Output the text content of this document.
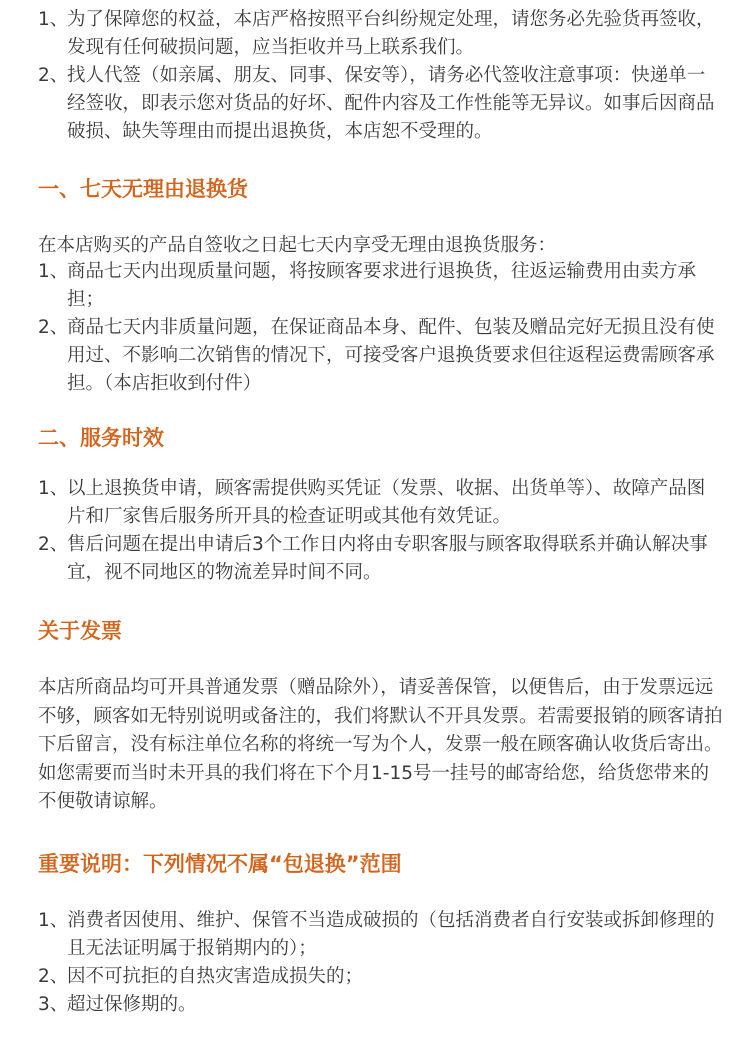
1、
为了保障您的权益，本店严格按照平台纠纷规定处理，请您务必先验货再签收，发现有任何破损问题，应当拒收并马上联系我们。
2、
找人代签（如亲属、朋友、同事、保安等），请务必代签收注意事项：快递单一经签收，即表示您对货品的好坏、配件内容及工作性能等无异议。如事后因商品破损、缺失等理由而提出退换货，本店恕不受理的。
一、七天无理由退换货

在本店购买的产品自签收之日起七天内享受无理由退换货服务：

1、
商品七天内出现质量问题，将按顾客要求进行退换货，往返运输费用由卖方承担；
2、
商品七天内非质量问题，在保证商品本身、配件、包装及赠品完好无损且没有使用过、不影响二次销售的情况下，可接受客户退换货要求但往返程运费需顾客承担。（本店拒收到付件）
二、服务时效
1、
以上退换货申请，顾客需提供购买凭证（发票、收据、出货单等）、故障产品图片和厂家售后服务所开具的检查证明或其他有效凭证。
2、
售后问题在提出申请后3个工作日内将由专职客服与顾客取得联系并确认解决事宜，视不同地区的物流差异时间不同。
关于发票

本店所商品均可开具普通发票（赠品除外），请妥善保管，以便售后，由于发票远远不够，顾客如无特别说明或备注的，我们将默认不开具发票。若需要报销的顾客请拍下后留言，没有标注单位名称的将统一写为个人，发票一般在顾客确认收货后寄出。如您需要而当时未开具的我们将在下个月1-15号一挂号的邮寄给您，给货您带来的不便敬请谅解。

重要说明：下列情况不属“包退换”范围
1、
消费者因使用、维护、保管不当造成破损的（包括消费者自行安装或拆卸修理的且无法证明属于报销期内的）；
2、
因不可抗拒的自热灾害造成损失的；
3、
超过保修期的。
